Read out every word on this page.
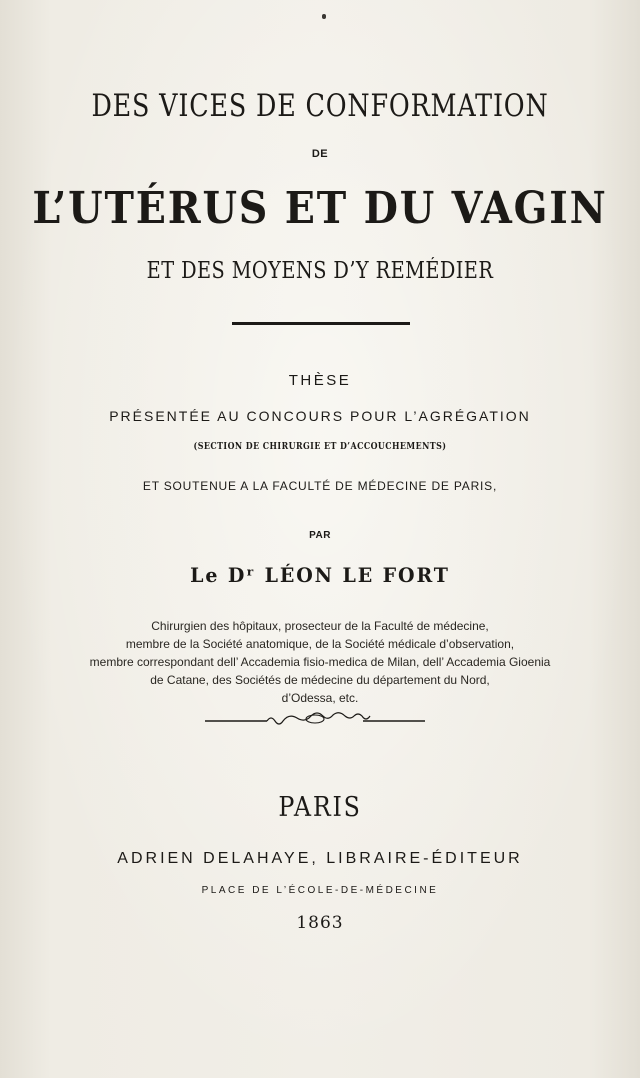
DES VICES DE CONFORMATION
DE
L’UTÉRUS ET DU VAGIN
ET DES MOYENS D’Y REMÉDIER
THÈSE
PRÉSENTÉE AU CONCOURS POUR L’AGRÉGATION
(SECTION DE CHIRURGIE ET D’ACCOUCHEMENTS)
ET SOUTENUE A LA FACULTÉ DE MÉDECINE DE PARIS,
PAR
Le Dʳ LÉON LE FORT
Chirurgien des hôpitaux, prosecteur de la Faculté de médecine,
membre de la Société anatomique, de la Société médicale d’observation,
membre correspondant dell’ Accademia fisio-medica de Milan, dell’ Accademia Gioenia
de Catane, des Sociétés de médecine du département du Nord,
d’Odessa, etc.
PARIS
ADRIEN DELAHAYE, LIBRAIRE-ÉDITEUR
PLACE DE L’ÉCOLE-DE-MÉDECINE
1863
